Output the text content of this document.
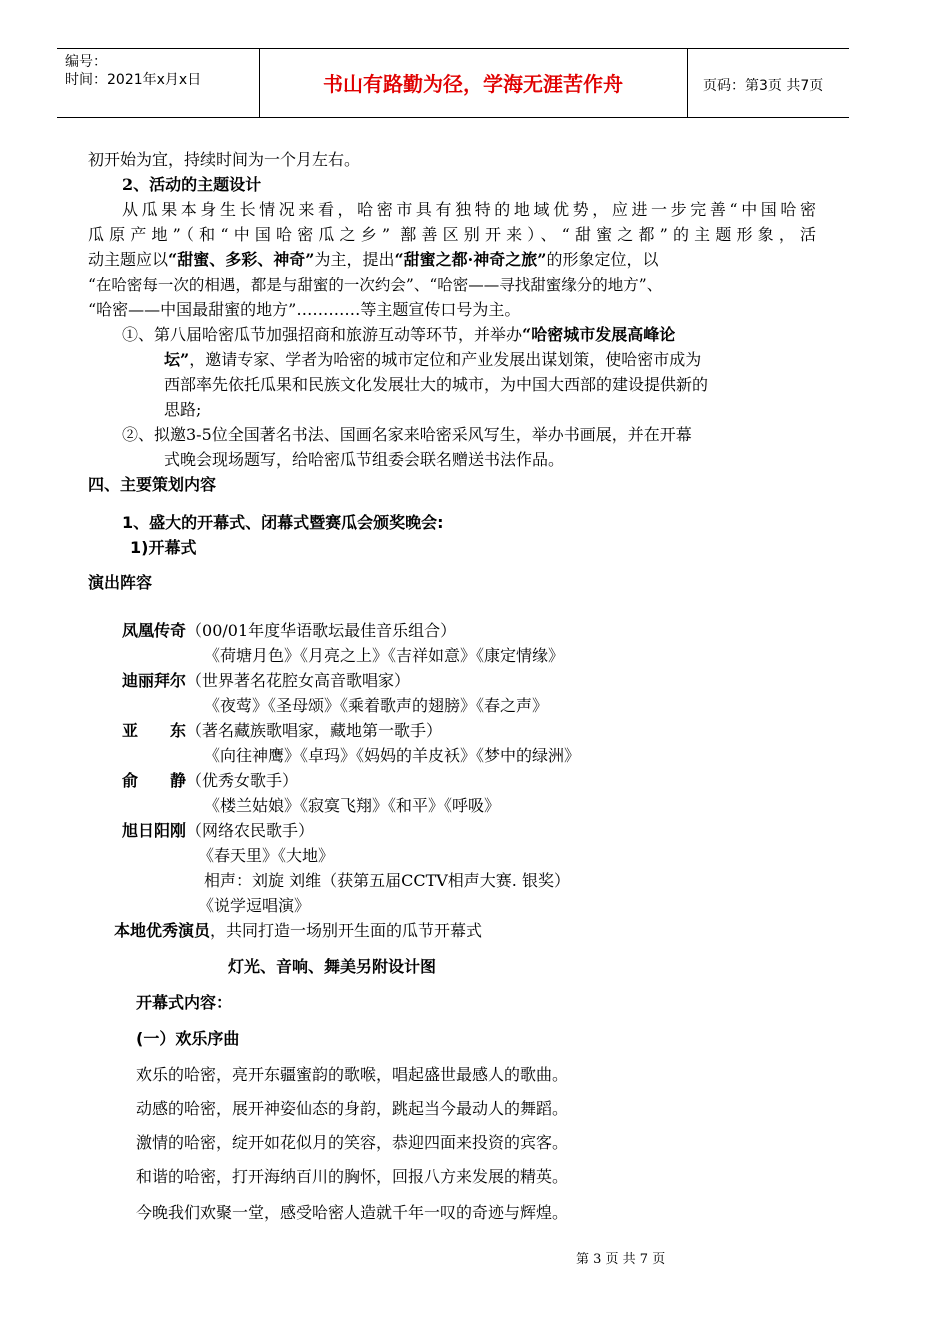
编号：
时间：2021年x月x日	书山有路勤为径，学海无涯苦作舟	页码：第3页 共7页
初开始为宜，持续时间为一个月左右。
2、活动的主题设计
从瓜果本身生长情况来看，哈密市具有独特的地域优势，应进一步完善“中国哈密
瓜原产地”（和“中国哈密瓜之乡” 鄯善区别开来）、“甜蜜之都”的主题形象，活
动主题应以“甜蜜、多彩、神奇”为主，提出“甜蜜之都·神奇之旅”的形象定位，以
“在哈密每一次的相遇，都是与甜蜜的一次约会”、“哈密——寻找甜蜜缘分的地方”、
“哈密——中国最甜蜜的地方”…………等主题宣传口号为主。
①、第八届哈密瓜节加强招商和旅游互动等环节，并举办“哈密城市发展高峰论
坛”，邀请专家、学者为哈密的城市定位和产业发展出谋划策，使哈密市成为
西部率先依托瓜果和民族文化发展壮大的城市，为中国大西部的建设提供新的
思路;
②、拟邀3-5位全国著名书法、国画名家来哈密采风写生，举办书画展，并在开幕
式晚会现场题写，给哈密瓜节组委会联名赠送书法作品。
四、主要策划内容
1、盛大的开幕式、闭幕式暨赛瓜会颁奖晚会:
1)开幕式
演出阵容
凤凰传奇（00/01年度华语歌坛最佳音乐组合）
《荷塘月色》《月亮之上》《吉祥如意》《康定情缘》
迪丽拜尔（世界著名花腔女高音歌唱家）
《夜莺》《圣母颂》《乘着歌声的翅膀》《春之声》
亚　　东（著名藏族歌唱家，藏地第一歌手）
《向往神鹰》《卓玛》《妈妈的羊皮袄》《梦中的绿洲》
俞　　静（优秀女歌手）
《楼兰姑娘》《寂寞飞翔》《和平》《呼吸》
旭日阳刚（网络农民歌手）
《春天里》《大地》
相声：刘旋 刘维（获第五届CCTV相声大赛. 银奖）
《说学逗唱演》
本地优秀演员，共同打造一场别开生面的瓜节开幕式
灯光、音响、舞美另附设计图
开幕式内容：
(一）欢乐序曲
欢乐的哈密，亮开东疆蜜韵的歌喉，唱起盛世最感人的歌曲。
动感的哈密，展开神姿仙态的身韵，跳起当今最动人的舞蹈。
激情的哈密，绽开如花似月的笑容，恭迎四面来投资的宾客。
和谐的哈密，打开海纳百川的胸怀，回报八方来发展的精英。
今晚我们欢聚一堂，感受哈密人造就千年一叹的奇迹与辉煌。
第 3 页 共 7 页
